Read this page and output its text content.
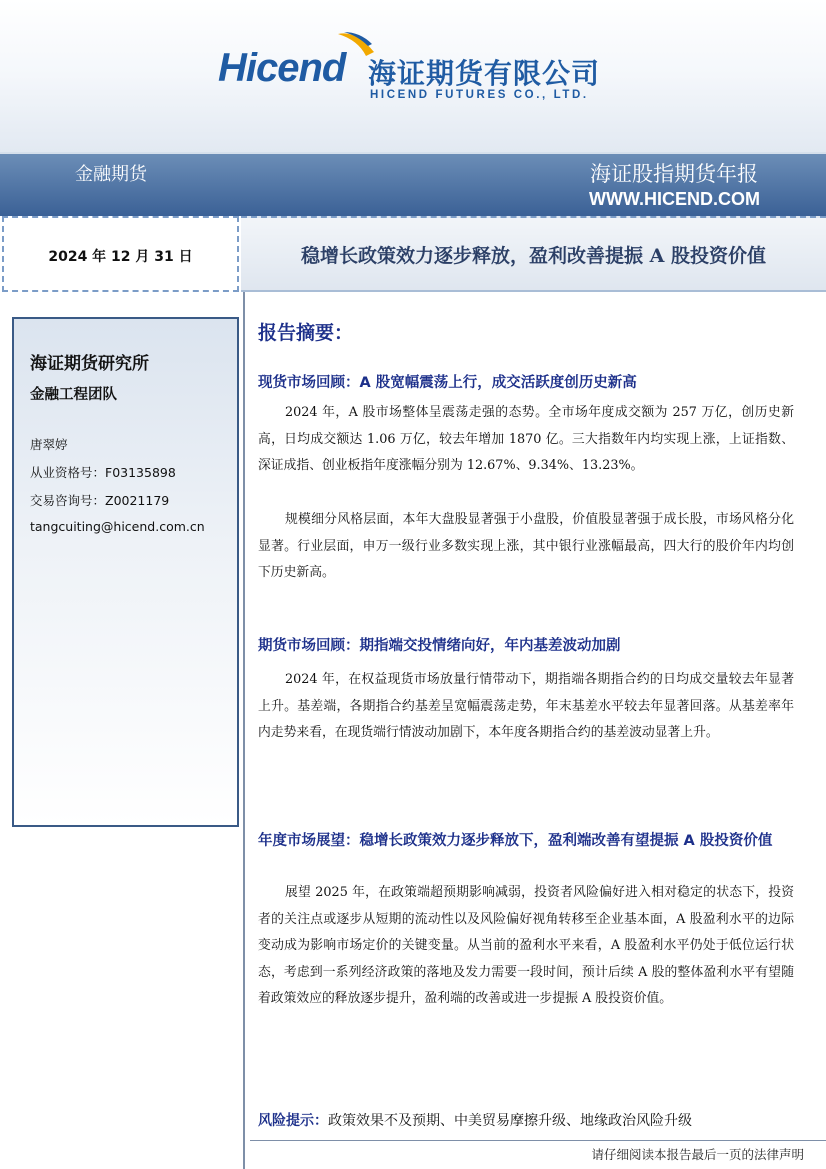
Hicend 海证期货有限公司
HICEND FUTURES CO., LTD.
金融期货	海证股指期货年报
WWW.HICEND.COM
2024 年 12 月 31 日	稳增长政策效力逐步释放，盈利改善提振 A 股投资价值
海证期货研究所
金融工程团队
唐翠婷
从业资格号：F03135898
交易咨询号：Z0021179
tangcuiting@hicend.com.cn
报告摘要：
现货市场回顾：A 股宽幅震荡上行，成交活跃度创历史新高

2024 年，A 股市场整体呈震荡走强的态势。全市场年度成交额为 257 万亿，创历史新高，日均成交额达 1.06 万亿，较去年增加 1870 亿。三大指数年内均实现上涨，上证指数、深证成指、创业板指年度涨幅分别为 12.67%、9.34%、13.23%。

规模细分风格层面，本年大盘股显著强于小盘股，价值股显著强于成长股，市场风格分化显著。行业层面，申万一级行业多数实现上涨，其中银行业涨幅最高，四大行的股价年内均创下历史新高。

期货市场回顾：期指端交投情绪向好，年内基差波动加剧

2024 年，在权益现货市场放量行情带动下，期指端各期指合约的日均成交量较去年显著上升。基差端，各期指合约基差呈宽幅震荡走势，年末基差水平较去年显著回落。从基差率年内走势来看，在现货端行情波动加剧下，本年度各期指合约的基差波动显著上升。

年度市场展望：稳增长政策效力逐步释放下，盈利端改善有望提振 A 股投资价值

展望 2025 年，在政策端超预期影响减弱，投资者风险偏好进入相对稳定的状态下，投资者的关注点或逐步从短期的流动性以及风险偏好视角转移至企业基本面，A 股盈利水平的边际变动成为影响市场定价的关键变量。从当前的盈利水平来看，A 股盈利水平仍处于低位运行状态，考虑到一系列经济政策的落地及发力需要一段时间，预计后续 A 股的整体盈利水平有望随着政策效应的释放逐步提升，盈利端的改善或进一步提振 A 股投资价值。

风险提示：政策效果不及预期、中美贸易摩擦升级、地缘政治风险升级
请仔细阅读本报告最后一页的法律声明
